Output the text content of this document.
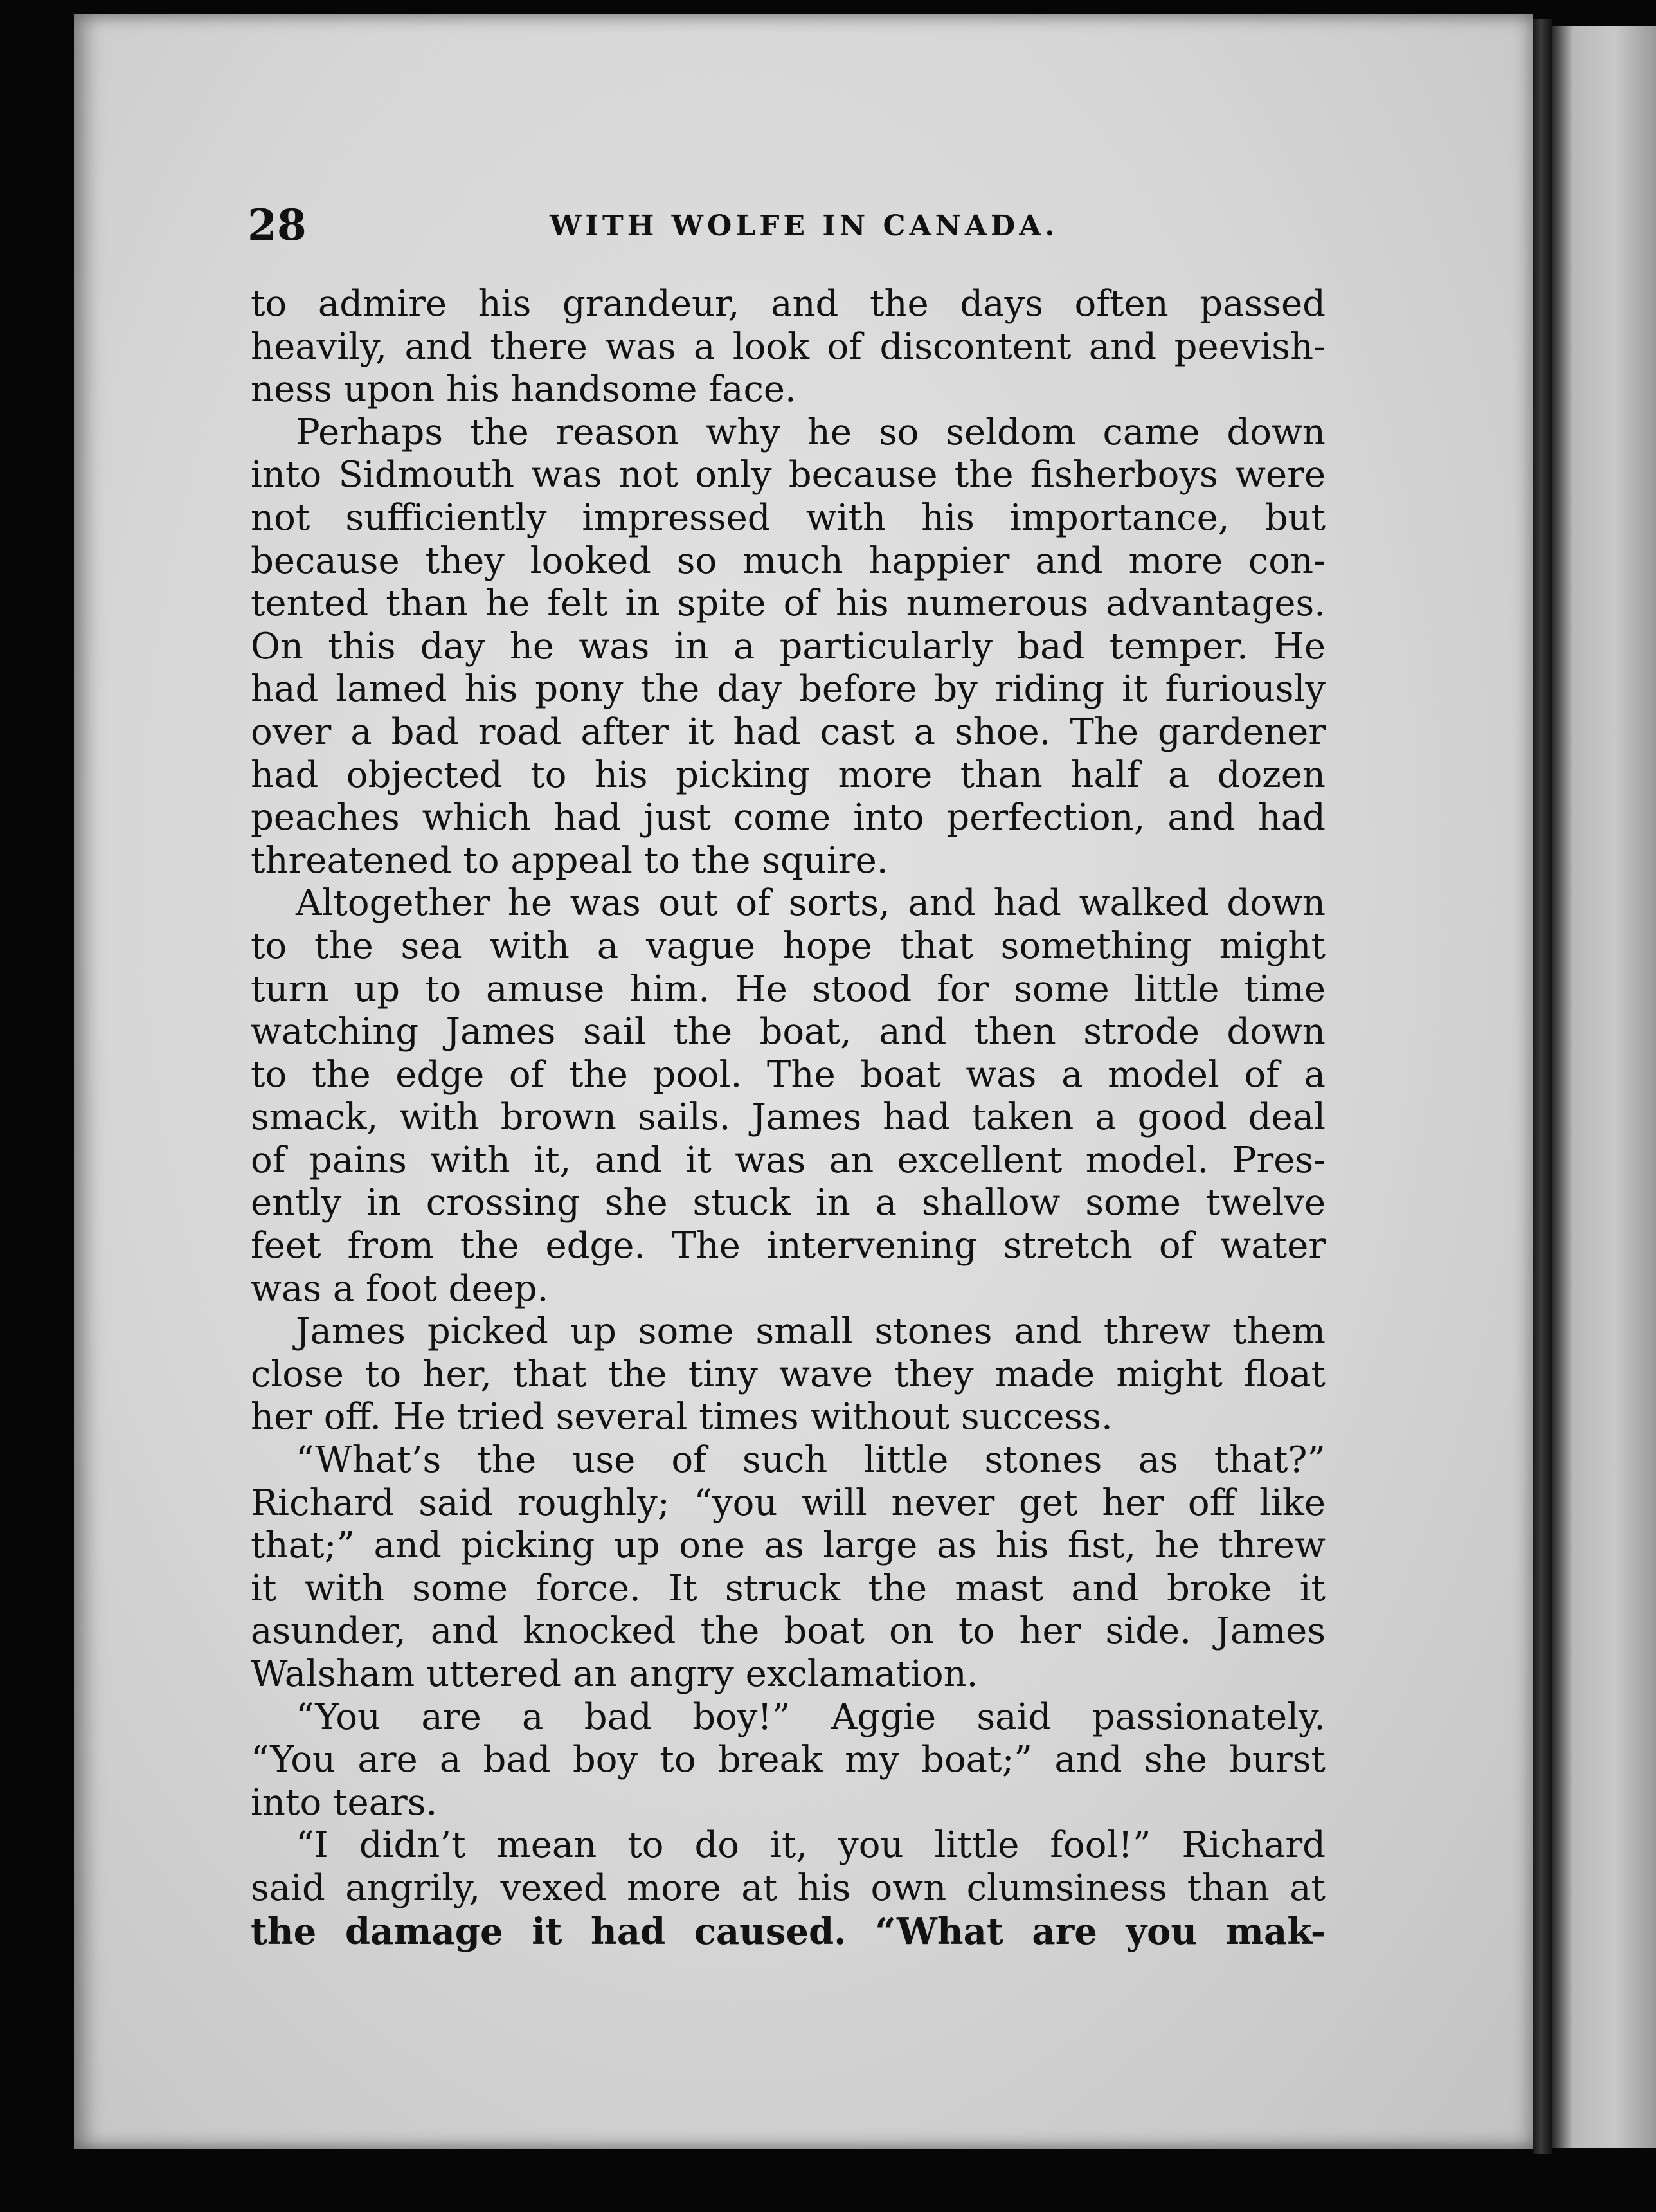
28	WITH WOLFE IN CANADA.
to admire his grandeur, and the days often passed
heavily, and there was a look of discontent and peevish-
ness upon his handsome face.
Perhaps the reason why he so seldom came down
into Sidmouth was not only because the fisherboys were
not sufficiently impressed with his importance, but
because they looked so much happier and more con-
tented than he felt in spite of his numerous advantages.
On this day he was in a particularly bad temper. He
had lamed his pony the day before by riding it furiously
over a bad road after it had cast a shoe. The gardener
had objected to his picking more than half a dozen
peaches which had just come into perfection, and had
threatened to appeal to the squire.
Altogether he was out of sorts, and had walked down
to the sea with a vague hope that something might
turn up to amuse him. He stood for some little time
watching James sail the boat, and then strode down
to the edge of the pool. The boat was a model of a
smack, with brown sails. James had taken a good deal
of pains with it, and it was an excellent model. Pres-
ently in crossing she stuck in a shallow some twelve
feet from the edge. The intervening stretch of water
was a foot deep.
James picked up some small stones and threw them
close to her, that the tiny wave they made might float
her off. He tried several times without success.
“What’s the use of such little stones as that?”
Richard said roughly; “you will never get her off like
that;” and picking up one as large as his fist, he threw
it with some force. It struck the mast and broke it
asunder, and knocked the boat on to her side. James
Walsham uttered an angry exclamation.
“You are a bad boy!” Aggie said passionately.
“You are a bad boy to break my boat;” and she burst
into tears.
“I didn’t mean to do it, you little fool!” Richard
said angrily, vexed more at his own clumsiness than at
the damage it had caused. “What are you mak-
